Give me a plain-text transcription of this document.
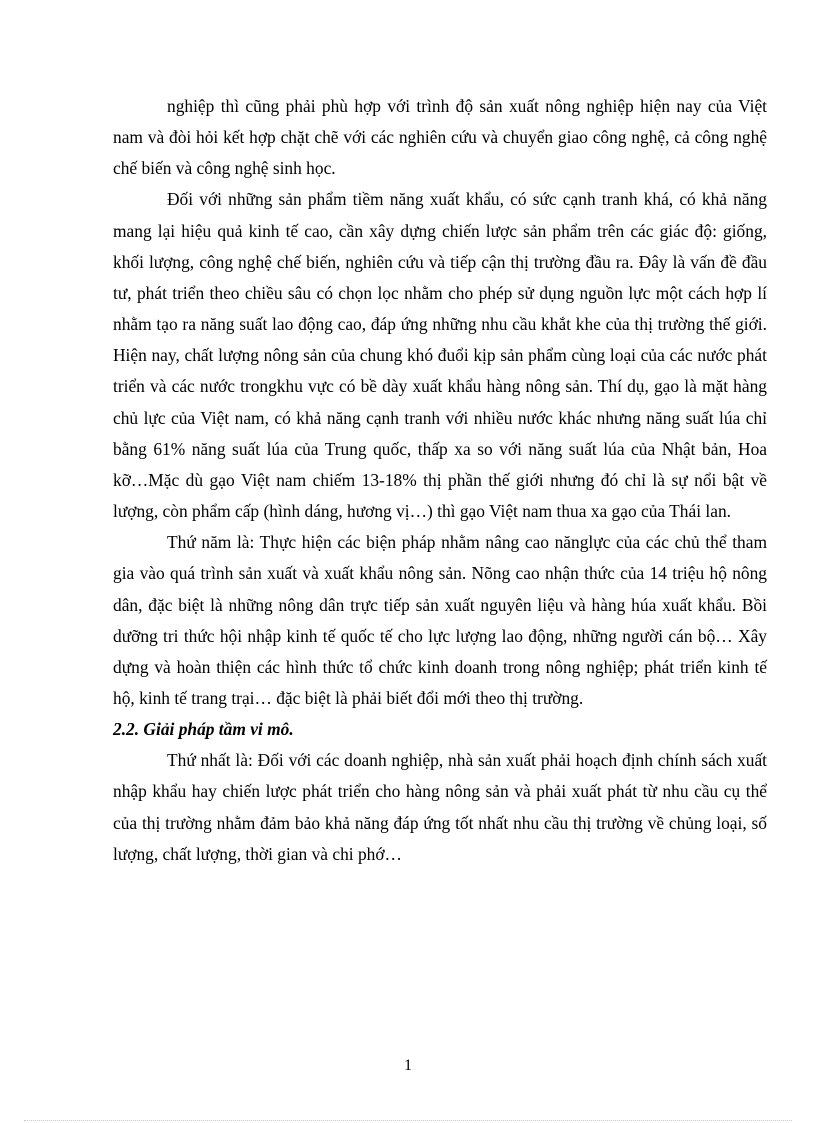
nghiệp thì cũng phải phù hợp với trình độ sản xuất nông nghiệp hiện nay của Việt nam và đòi hỏi kết hợp chặt chẽ với các nghiên cứu và chuyển giao công nghệ, cả công nghệ chế biến và công nghệ sinh học.

Đối với những sản phẩm tiềm năng xuất khẩu, có sức cạnh tranh khá, có khả năng mang lại hiệu quả kinh tế cao, cần xây dựng chiến lược sản phẩm trên các giác độ: giống, khối lượng, công nghệ chế biến, nghiên cứu và tiếp cận thị trường đầu ra. Đây là vấn đề đầu tư, phát triển theo chiều sâu có chọn lọc nhằm cho phép sử dụng nguồn lực một cách hợp lí nhằm tạo ra năng suất lao động cao, đáp ứng những nhu cầu khắt khe của thị trường thế giới. Hiện nay, chất lượng nông sản của chung khó đuổi kịp sản phẩm cùng loại của các nước phát triển và các nước trongkhu vực có bề dày xuất khẩu hàng nông sản. Thí dụ, gạo là mặt hàng chủ lực của Việt nam, có khả năng cạnh tranh với nhiều nước khác nhưng năng suất lúa chỉ bằng 61% năng suất lúa của Trung quốc, thấp xa so với năng suất lúa của Nhật bản, Hoa kỡ…Mặc dù gạo Việt nam chiếm 13-18% thị phần thế giới nhưng đó chỉ là sự nổi bật về lượng, còn phẩm cấp (hình dáng, hương vị…) thì gạo Việt nam thua xa gạo của Thái lan.

Thứ năm là: Thực hiện các biện pháp nhằm nâng cao nănglực của các chủ thể tham gia vào quá trình sản xuất và xuất khẩu nông sản. Nõng cao nhận thức của 14 triệu hộ nông dân, đặc biệt là những nông dân trực tiếp sản xuất nguyên liệu và hàng húa xuất khẩu. Bồi dưỡng tri thức hội nhập kinh tế quốc tế cho lực lượng lao động, những người cán bộ… Xây dựng và hoàn thiện các hình thức tổ chức kinh doanh trong nông nghiệp; phát triển kinh tế hộ, kinh tế trang trại… đặc biệt là phải biết đổi mới theo thị trường.

2.2. Giải pháp tầm vi mô.

Thứ nhất là: Đối với các doanh nghiệp, nhà sản xuất phải hoạch định chính sách xuất nhập khẩu hay chiến lược phát triển cho hàng nông sản và phải xuất phát từ nhu cầu cụ thể của thị trường nhằm đảm bảo khả năng đáp ứng tốt nhất nhu cầu thị trường về chủng loại, số lượng, chất lượng, thời gian và chi phớ…

1
